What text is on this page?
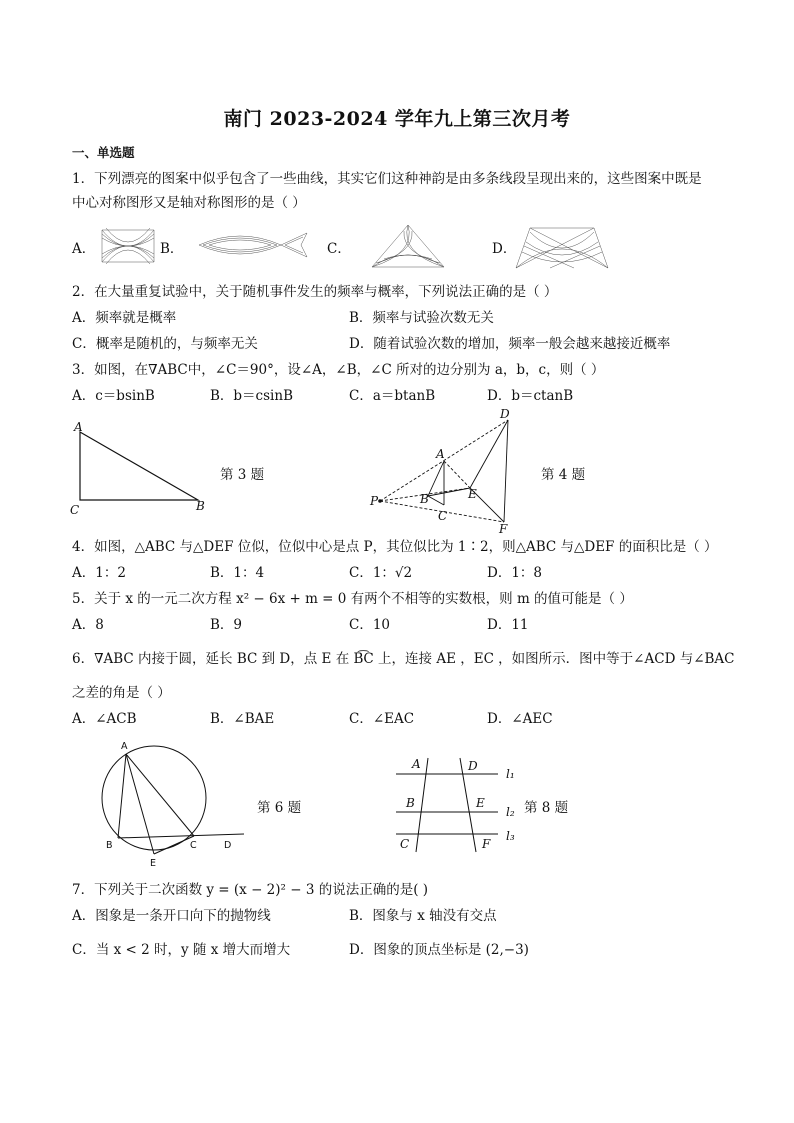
南门 2023-2024 学年九上第三次月考
一、单选题
1．下列漂亮的图案中似乎包含了一些曲线，其实它们这种神韵是由多条线段呈现出来的，这些图案中既是
中心对称图形又是轴对称图形的是（ ）
A．	B．	C．	D．
2．在大量重复试验中，关于随机事件发生的频率与概率，下列说法正确的是（ ）
A．频率就是概率	B．频率与试验次数无关
C．概率是随机的，与频率无关	D．随着试验次数的增加，频率一般会越来越接近概率
3．如图，在∇ABC中，∠C＝90°，设∠A，∠B，∠C 所对的边分别为 a，b，c，则（ ）
A．c＝bsinB	B．b＝csinB	C．a＝btanB	D．b＝ctanB
A
C	B
第 3 题
D
A
P	B	E
C
F
第 4 题
4．如图，△ABC 与△DEF 位似，位似中心是点 P，其位似比为 1∶2，则△ABC 与△DEF 的面积比是（ ）
A．1：2	B．1：4	C．1：√2	D．1：8
5．关于 x 的一元二次方程 x² − 6x + m = 0 有两个不相等的实数根，则 m 的值可能是（ ）
A．8	B．9	C．10	D．11
6．∇ABC 内接于圆，延长 BC 到 D，点 E 在 B͡C 上，连接 AE ，EC ，如图所示．图中等于∠ACD 与∠BAC
之差的角是（ ）
A．∠ACB	B．∠BAE	C．∠EAC	D．∠AEC
A
B
E
C	D
第 6 题
A	D
l₁
B	E
l₂
C	F
l₃
第 8 题
7．下列关于二次函数 y = (x − 2)² − 3 的说法正确的是( )
A．图象是一条开口向下的抛物线	B．图象与 x 轴没有交点
C．当 x < 2 时，y 随 x 增大而增大	D．图象的顶点坐标是 (2,−3)
